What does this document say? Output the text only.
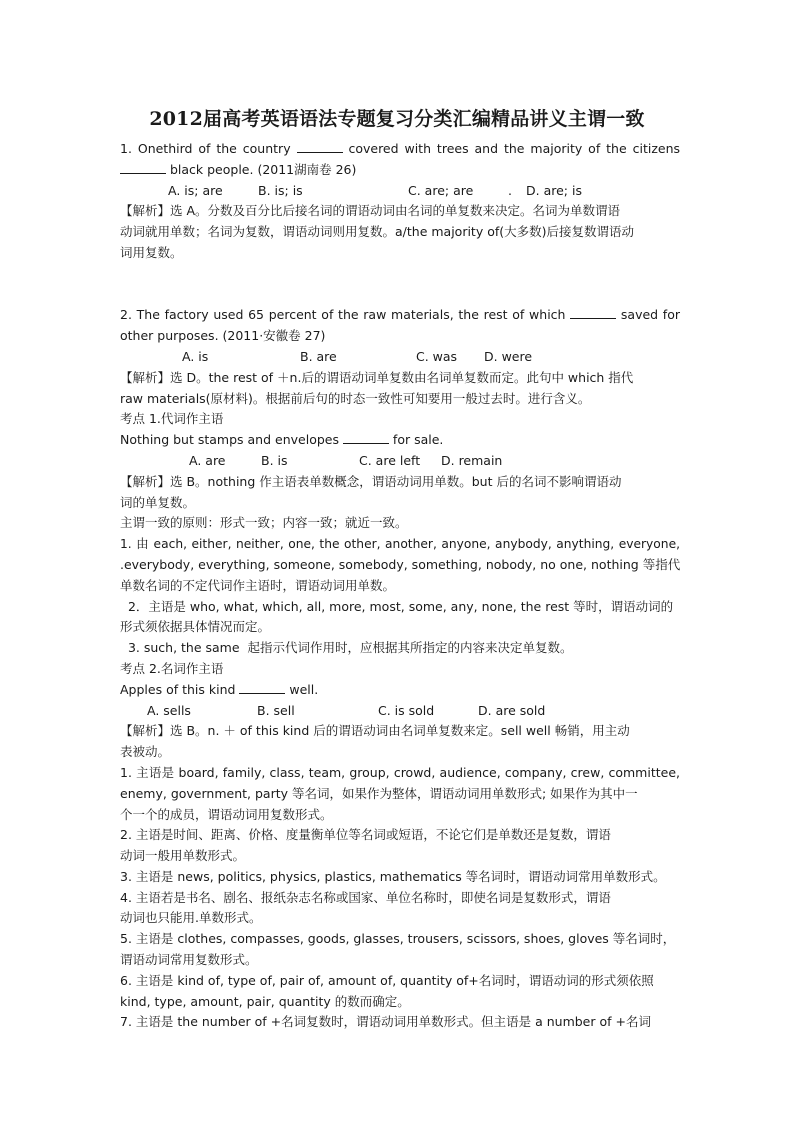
2012届高考英语语法专题复习分类汇编精品讲义主谓一致

1. Onethird of the country	covered with trees and the majority of the citizens

black people. (2011湖南卷 26)

A. is; are	B. is; is	C. are; are	.	D. are; is

【解析】选 A。分数及百分比后接名词的谓语动词由名词的单复数来决定。名词为单数谓语

动词就用单数；名词为复数，谓语动词则用复数。a/the majority of(大多数)后接复数谓语动

词用复数。

2. The factory used 65 percent of the raw materials, the rest of which	saved for

other purposes. (2011·安徽卷 27)

A. is	B. are	C. was	D. were

【解析】选 D。the rest of ＋n.后的谓语动词单复数由名词单复数而定。此句中 which 指代

raw materials(原材料)。根据前后句的时态一致性可知要用一般过去时。进行含义。

考点 1.代词作主语

Nothing but stamps and envelopes	for sale.

A. are	B. is	C. are left	D. remain

【解析】选 B。nothing 作主语表单数概念，谓语动词用单数。but 后的名词不影响谓语动

词的单复数。

主谓一致的原则：形式一致；内容一致；就近一致。

1. 由 each, either, neither, one, the other, another, anyone, anybody, anything, everyone,

.everybody, everything, someone, somebody, something, nobody, no one, nothing 等指代

单数名词的不定代词作主语时，谓语动词用单数。

2．主语是 who, what, which, all, more, most, some, any, none, the rest 等时，谓语动词的

形式须依据具体情况而定。

3. such, the same  起指示代词作用时，应根据其所指定的内容来决定单复数。

考点 2.名词作主语

Apples of this kind	well.

A. sells	B. sell	C. is sold	D. are sold

【解析】选 B。n. ＋ of this kind 后的谓语动词由名词单复数来定。sell well 畅销，用主动

表被动。

1. 主语是 board, family, class, team, group, crowd, audience, company, crew, committee,

enemy, government, party 等名词，如果作为整体，谓语动词用单数形式; 如果作为其中一

个一个的成员，谓语动词用复数形式。

2. 主语是时间、距离、价格、度量衡单位等名词或短语，不论它们是单数还是复数，谓语

动词一般用单数形式。

3. 主语是 news, politics, physics, plastics, mathematics 等名词时，谓语动词常用单数形式。

4. 主语若是书名、剧名、报纸杂志名称或国家、单位名称时，即使名词是复数形式，谓语

动词也只能用.单数形式。

5. 主语是 clothes, compasses, goods, glasses, trousers, scissors, shoes, gloves 等名词时，

谓语动词常用复数形式。

6. 主语是 kind of, type of, pair of, amount of, quantity of+名词时，谓语动词的形式须依照

kind, type, amount, pair, quantity 的数而确定。

7. 主语是 the number of +名词复数时，谓语动词用单数形式。但主语是 a number of +名词
